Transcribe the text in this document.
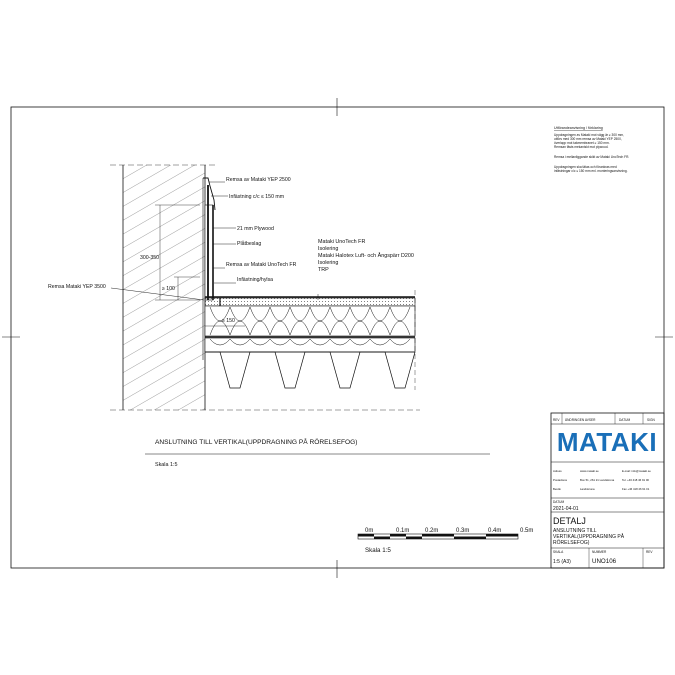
Remsa av Mataki YEP 2500
Infästning c/c ≤ 150 mm
21 mm Plywood
Plåtbeslag
Remsa av Mataki UnoTech FR
Infästning/hylsa
Remsa Mataki YEP 3500
300-350
≥ 100
≥ 150
Mataki UnoTech FR
Isolering
Mataki Halotex Luft- och Ångspärr D200
Isolering
TRP
Utförandeanvisning / förklaring
Uppdragningen av Mataki mot vägg är ≥ 300 mm,
utförs med 300 mm remsa av Mataki YEP 2500,
överlapp mot takmembranet ≥ 150 mm.
Remsan fästs mekaniskt mot plywood.
Remsa i mellanliggande skikt av Mataki UnoTech FR.
Uppdragningen ska tätas och förankras med
infästningar c/c ≤ 150 mm enl. monteringsanvisning.
ANSLUTNING TILL VERTIKAL(UPPDRAGNING PÅ RÖRELSEFOG)
Skala 1:5
0m	0.1m	0.2m	0.3m	0.4m	0.5m
Skala 1:5
REV ÄNDRINGEN AVSER	DATUM	SIGN
Adress	www.mataki.se	E-mail: info@mataki.se
Postadress	Box 51, 261 21 Landskrona	Tel. +46 418 46 91 00
Besök	Landskrona	Fax +46 418 46 91 01
DATUM
2021-04-01
DETALJ
ANSLUTNING TILL
VERTIKAL(UPPDRAGNING PÅ
RÖRELSEFOG)
SKALA
1:5 (A3)
NUMMER
UNO106
REV
MATAKI
